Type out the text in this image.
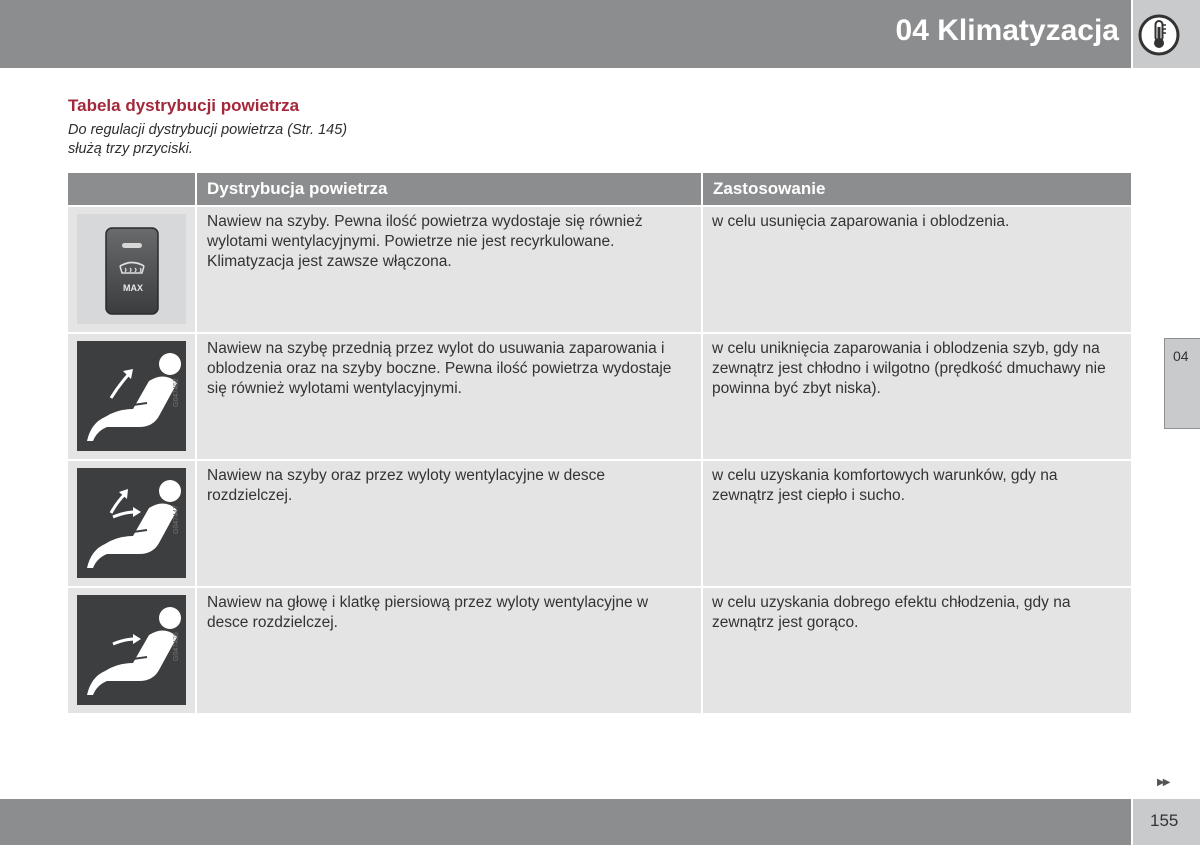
04 Klimatyzacja
04
Tabela dystrybucji powietrza
Do regulacji dystrybucji powietrza (Str. 145)
służą trzy przyciski.
Dystrybucja powietrza	Zastosowanie
MAX
Nawiew na szyby. Pewna ilość powietrza wydostaje się również wylotami wentylacyjnymi. Powietrze nie jest recyrkulowane. Klimatyzacja jest zawsze włączona.
w celu usunięcia zaparowania i oblodzenia.
G047452
Nawiew na szybę przednią przez wylot do usuwania zaparowania i oblodzenia oraz na szyby boczne. Pewna ilość powietrza wydostaje się również wylotami wentylacyjnymi.
w celu uniknięcia zaparowania i oblodzenia szyb, gdy na zewnątrz jest chłodno i wilgotno (prędkość dmuchawy nie powinna być zbyt niska).
G047447
Nawiew na szyby oraz przez wyloty wentylacyjne w desce rozdzielczej.
w celu uzyskania komfortowych warunków, gdy na zewnątrz jest ciepło i sucho.
G047426
Nawiew na głowę i klatkę piersiową przez wyloty wentylacyjne w desce rozdzielczej.
w celu uzyskania dobrego efektu chłodzenia, gdy na zewnątrz jest gorąco.
▶▶
155
